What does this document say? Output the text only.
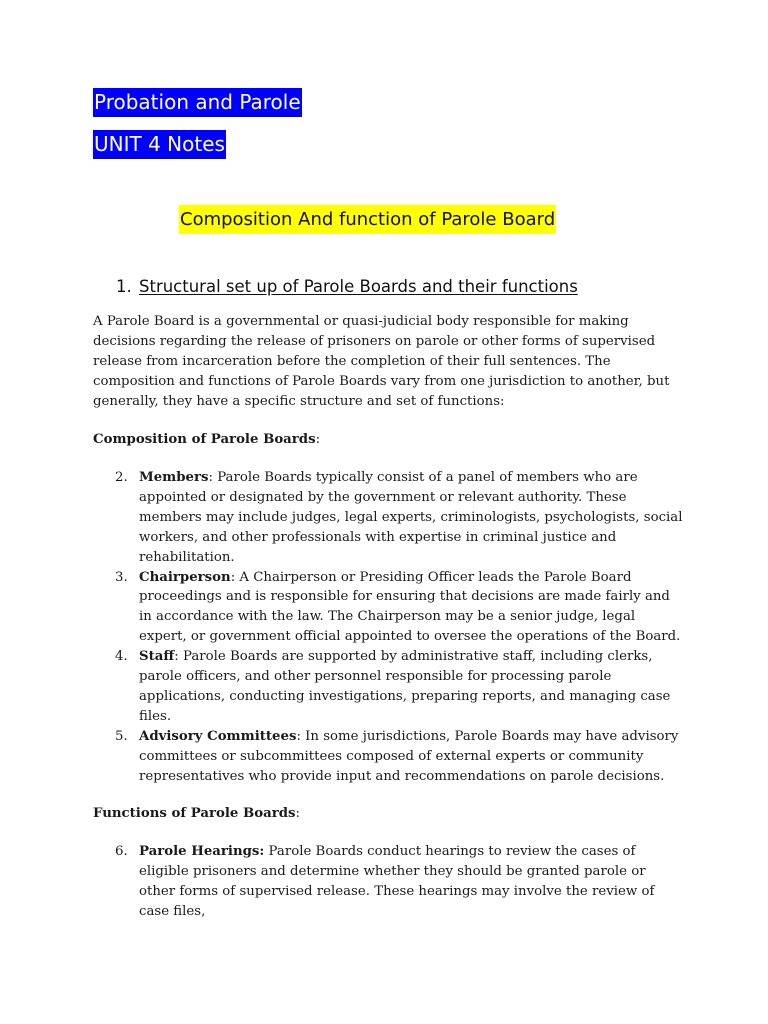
Probation and Parole
UNIT 4 Notes
Composition And function of Parole Board
1. Structural set up of Parole Boards and their functions
A Parole Board is a governmental or quasi-judicial body responsible for making decisions regarding the release of prisoners on parole or other forms of supervised release from incarceration before the completion of their full sentences. The composition and functions of Parole Boards vary from one jurisdiction to another, but generally, they have a specific structure and set of functions:
Composition of Parole Boards:
2. Members: Parole Boards typically consist of a panel of members who are appointed or designated by the government or relevant authority. These members may include judges, legal experts, criminologists, psychologists, social workers, and other professionals with expertise in criminal justice and rehabilitation.
3. Chairperson: A Chairperson or Presiding Officer leads the Parole Board proceedings and is responsible for ensuring that decisions are made fairly and in accordance with the law. The Chairperson may be a senior judge, legal expert, or government official appointed to oversee the operations of the Board.
4. Staff: Parole Boards are supported by administrative staff, including clerks, parole officers, and other personnel responsible for processing parole applications, conducting investigations, preparing reports, and managing case files.
5. Advisory Committees: In some jurisdictions, Parole Boards may have advisory committees or subcommittees composed of external experts or community representatives who provide input and recommendations on parole decisions.
Functions of Parole Boards:
6. Parole Hearings: Parole Boards conduct hearings to review the cases of eligible prisoners and determine whether they should be granted parole or other forms of supervised release. These hearings may involve the review of case files,
